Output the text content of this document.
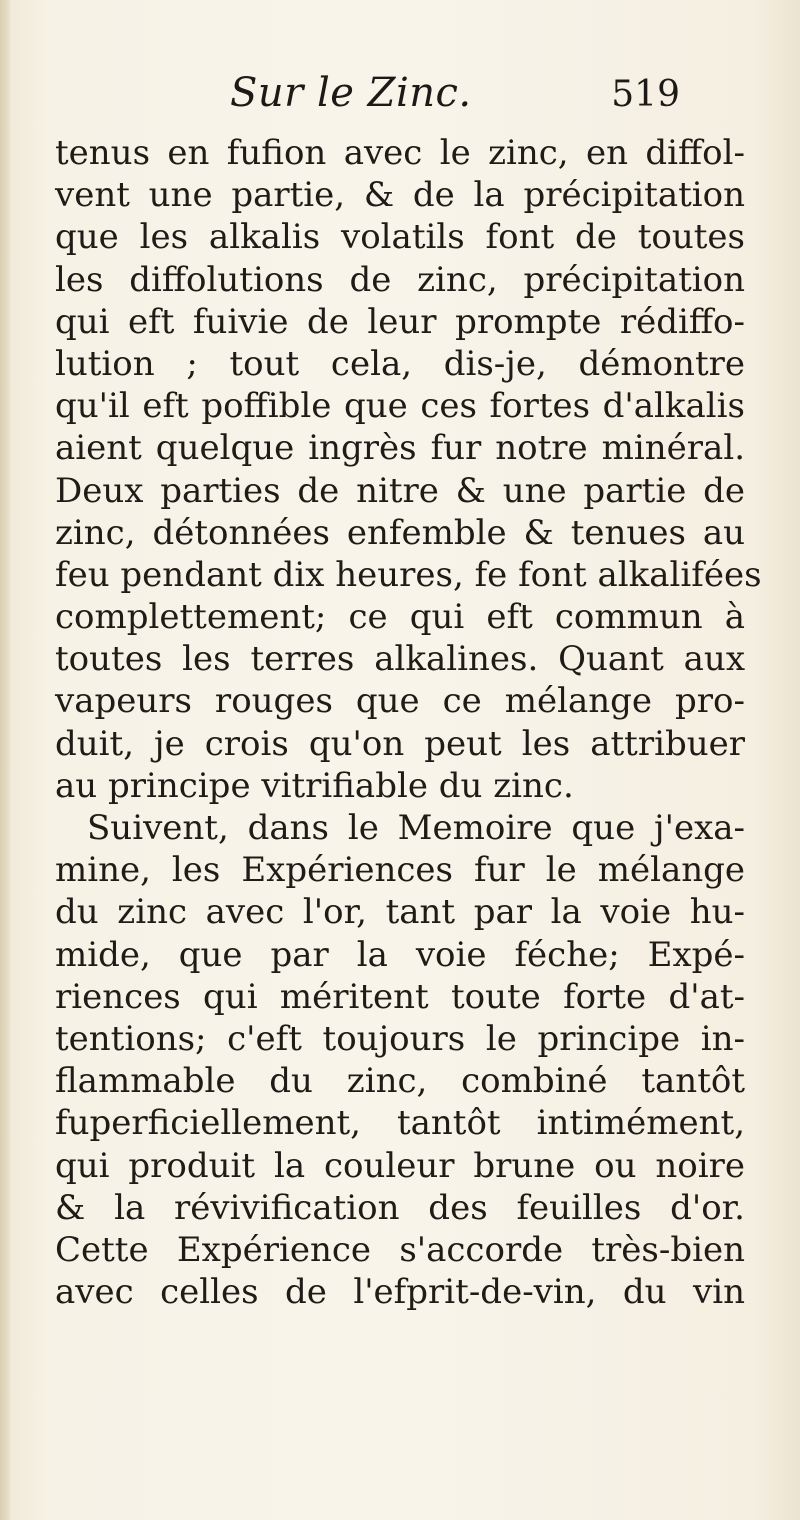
Sur le Zinc.	519
tenus en fufion avec le zinc, en diffol-
vent une partie, & de la précipitation
que les alkalis volatils font de toutes
les diffolutions de zinc, précipitation
qui eft fuivie de leur prompte rédiffo-
lution ; tout cela, dis-je, démontre
qu'il eft poffible que ces fortes d'alkalis
aient quelque ingrès fur notre minéral.
Deux parties de nitre & une partie de
zinc, détonnées enfemble & tenues au
feu pendant dix heures, fe font alkalifées
complettement; ce qui eft commun à
toutes les terres alkalines. Quant aux
vapeurs rouges que ce mélange pro-
duit, je crois qu'on peut les attribuer
au principe vitrifiable du zinc.
Suivent, dans le Memoire que j'exa-
mine, les Expériences fur le mélange
du zinc avec l'or, tant par la voie hu-
mide, que par la voie féche; Expé-
riences qui méritent toute forte d'at-
tentions; c'eft toujours le principe in-
flammable du zinc, combiné tantôt
fuperficiellement, tantôt intimément,
qui produit la couleur brune ou noire
& la révivification des feuilles d'or.
Cette Expérience s'accorde très-bien
avec celles de l'efprit-de-vin, du vin
